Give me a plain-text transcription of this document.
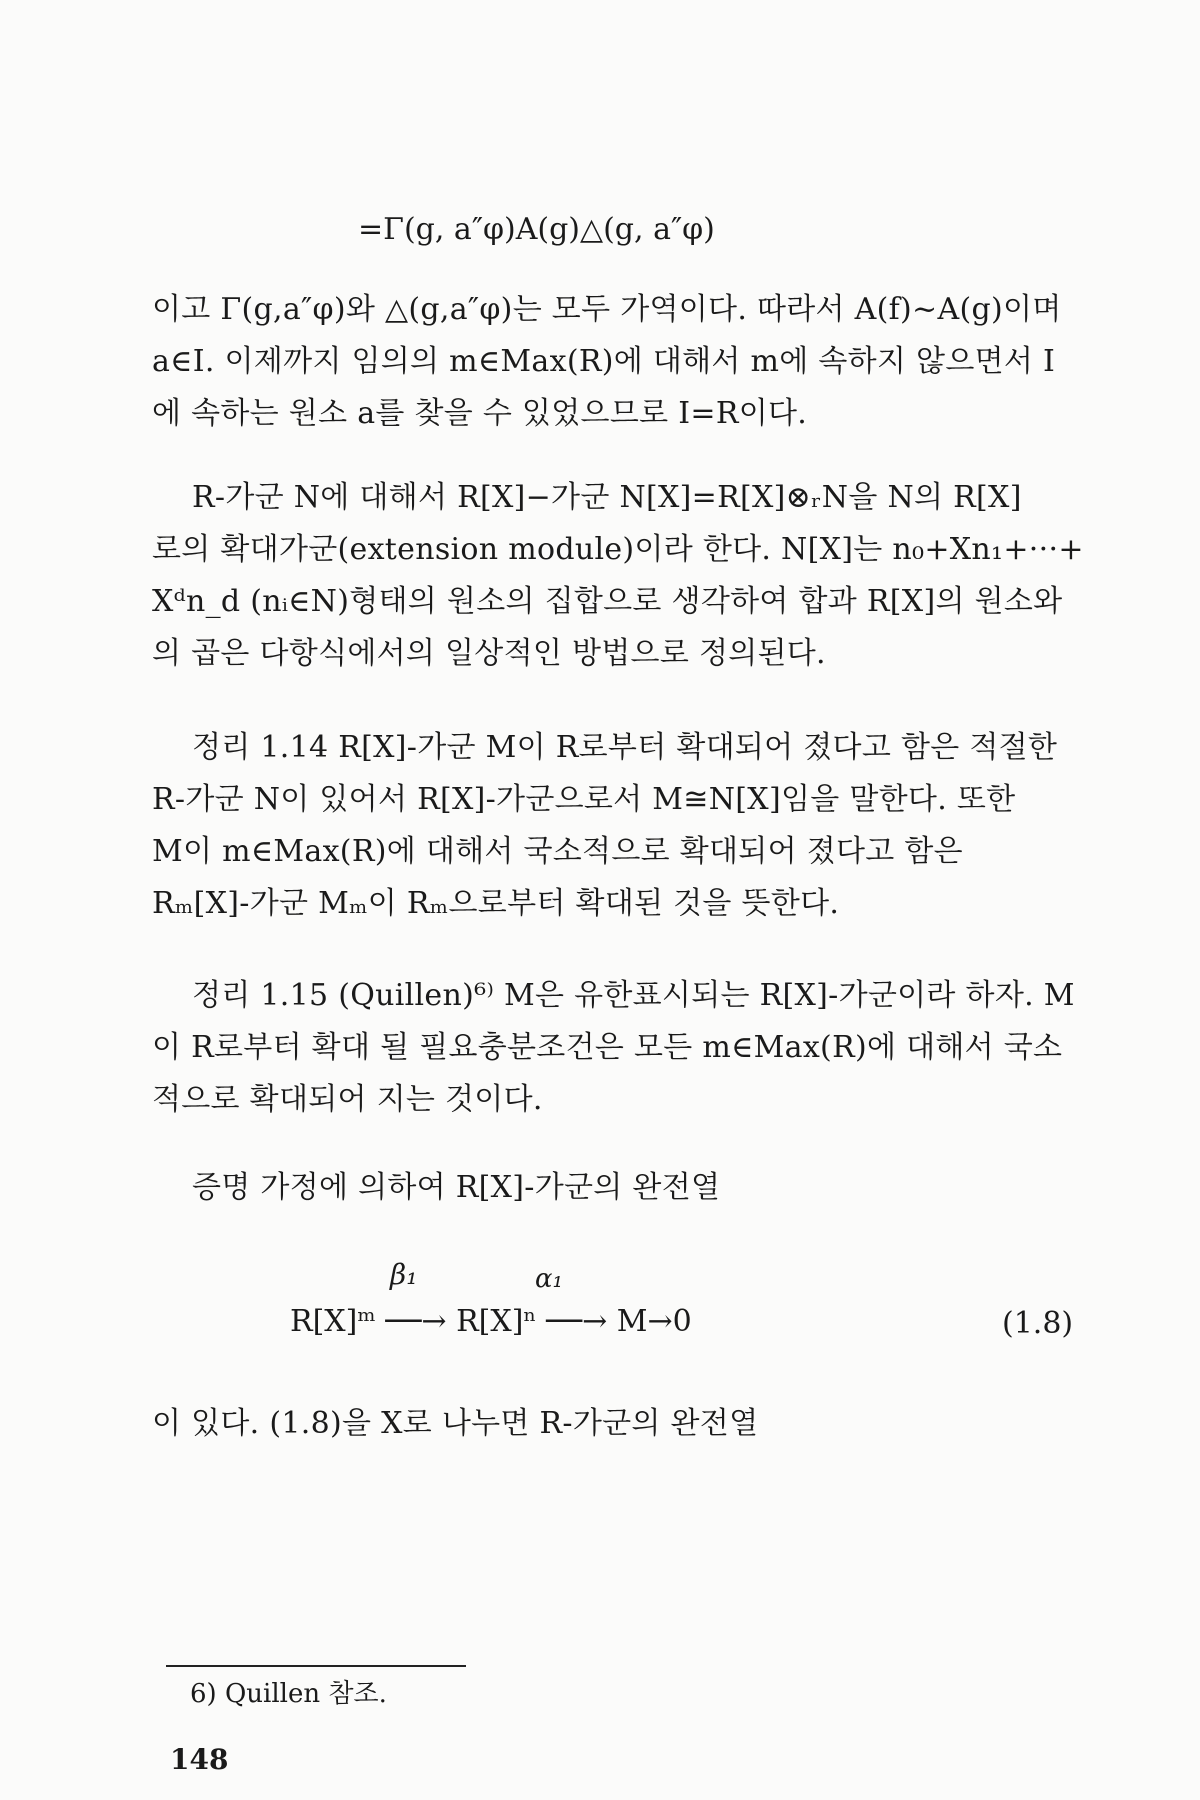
=Γ(g, a″φ)A(g)△(g, a″φ)
이고 Γ(g,a″φ)와 △(g,a″φ)는 모두 가역이다. 따라서 A(f)~A(g)이며
a∈I. 이제까지 임의의 m∈Max(R)에 대해서 m에 속하지 않으면서 I
에 속하는 원소 a를 찾을 수 있었으므로 I=R이다.
R-가군 N에 대해서 R[X]−가군 N[X]=R[X]⊗ᵣN을 N의 R[X]
로의 확대가군(extension module)이라 한다. N[X]는 n₀+Xn₁+···+
Xᵈn_d (nᵢ∈N)형태의 원소의 집합으로 생각하여 합과 R[X]의 원소와
의 곱은 다항식에서의 일상적인 방법으로 정의된다.
정리 1.14 R[X]-가군 M이 R로부터 확대되어 졌다고 함은 적절한
R-가군 N이 있어서 R[X]-가군으로서 M≅N[X]임을 말한다. 또한
M이 m∈Max(R)에 대해서 국소적으로 확대되어 졌다고 함은
Rₘ[X]-가군 Mₘ이 Rₘ으로부터 확대된 것을 뜻한다.
정리 1.15 (Quillen)⁶⁾ M은 유한표시되는 R[X]-가군이라 하자. M
이 R로부터 확대 될 필요충분조건은 모든 m∈Max(R)에 대해서 국소
적으로 확대되어 지는 것이다.
증명 가정에 의하여 R[X]-가군의 완전열
β₁	α₁
R[X]ᵐ ──→ R[X]ⁿ ──→ M→0	(1.8)
이 있다. (1.8)을 X로 나누면 R-가군의 완전열
6) Quillen 참조.
148
